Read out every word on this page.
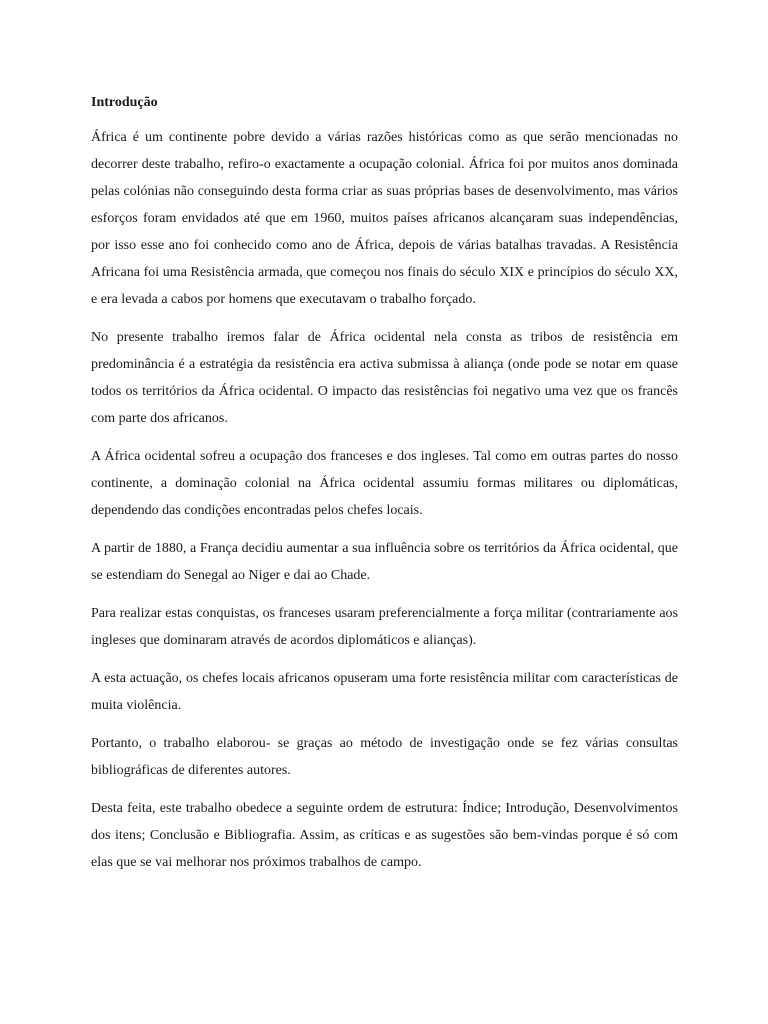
Introdução

África é um continente pobre devido a várias razões históricas como as que serão mencionadas no decorrer deste trabalho, refiro-o exactamente a ocupação colonial. África foi por muitos anos dominada pelas colónias não conseguindo desta forma criar as suas próprias bases de desenvolvimento, mas vários esforços foram envidados até que em 1960, muitos países africanos alcançaram suas independências, por isso esse ano foi conhecido como ano de África, depois de várias batalhas travadas. A Resistência Africana foi uma Resistência armada, que começou nos finais do século XIX e princípios do século XX, e era levada a cabos por homens que executavam o trabalho forçado.

No presente trabalho iremos falar de África ocidental nela consta as tribos de resistência em predominância é a estratégia da resistência era activa submissa à aliança (onde pode se notar em quase todos os territórios da África ocidental. O impacto das resistências foi negativo uma vez que os francês com parte dos africanos.

A África ocidental sofreu a ocupação dos franceses e dos ingleses. Tal como em outras partes do nosso continente, a dominação colonial na África ocidental assumiu formas militares ou diplomáticas, dependendo das condições encontradas pelos chefes locais.

A partir de 1880, a França decidiu aumentar a sua influência sobre os territórios da África ocidental, que se estendiam do Senegal ao Niger e dai ao Chade.

Para realizar estas conquistas, os franceses usaram preferencialmente a força militar (contrariamente aos ingleses que dominaram através de acordos diplomáticos e alianças).

A esta actuação, os chefes locais africanos opuseram uma forte resistência militar com características de muita violência.

Portanto, o trabalho elaborou- se graças ao método de investigação onde se fez várias consultas bibliográficas de diferentes autores.

Desta feita, este trabalho obedece a seguinte ordem de estrutura: Índice; Introdução, Desenvolvimentos dos itens; Conclusão e Bibliografia. Assim, as críticas e as sugestões são bem-vindas porque é só com elas que se vai melhorar nos próximos trabalhos de campo.
